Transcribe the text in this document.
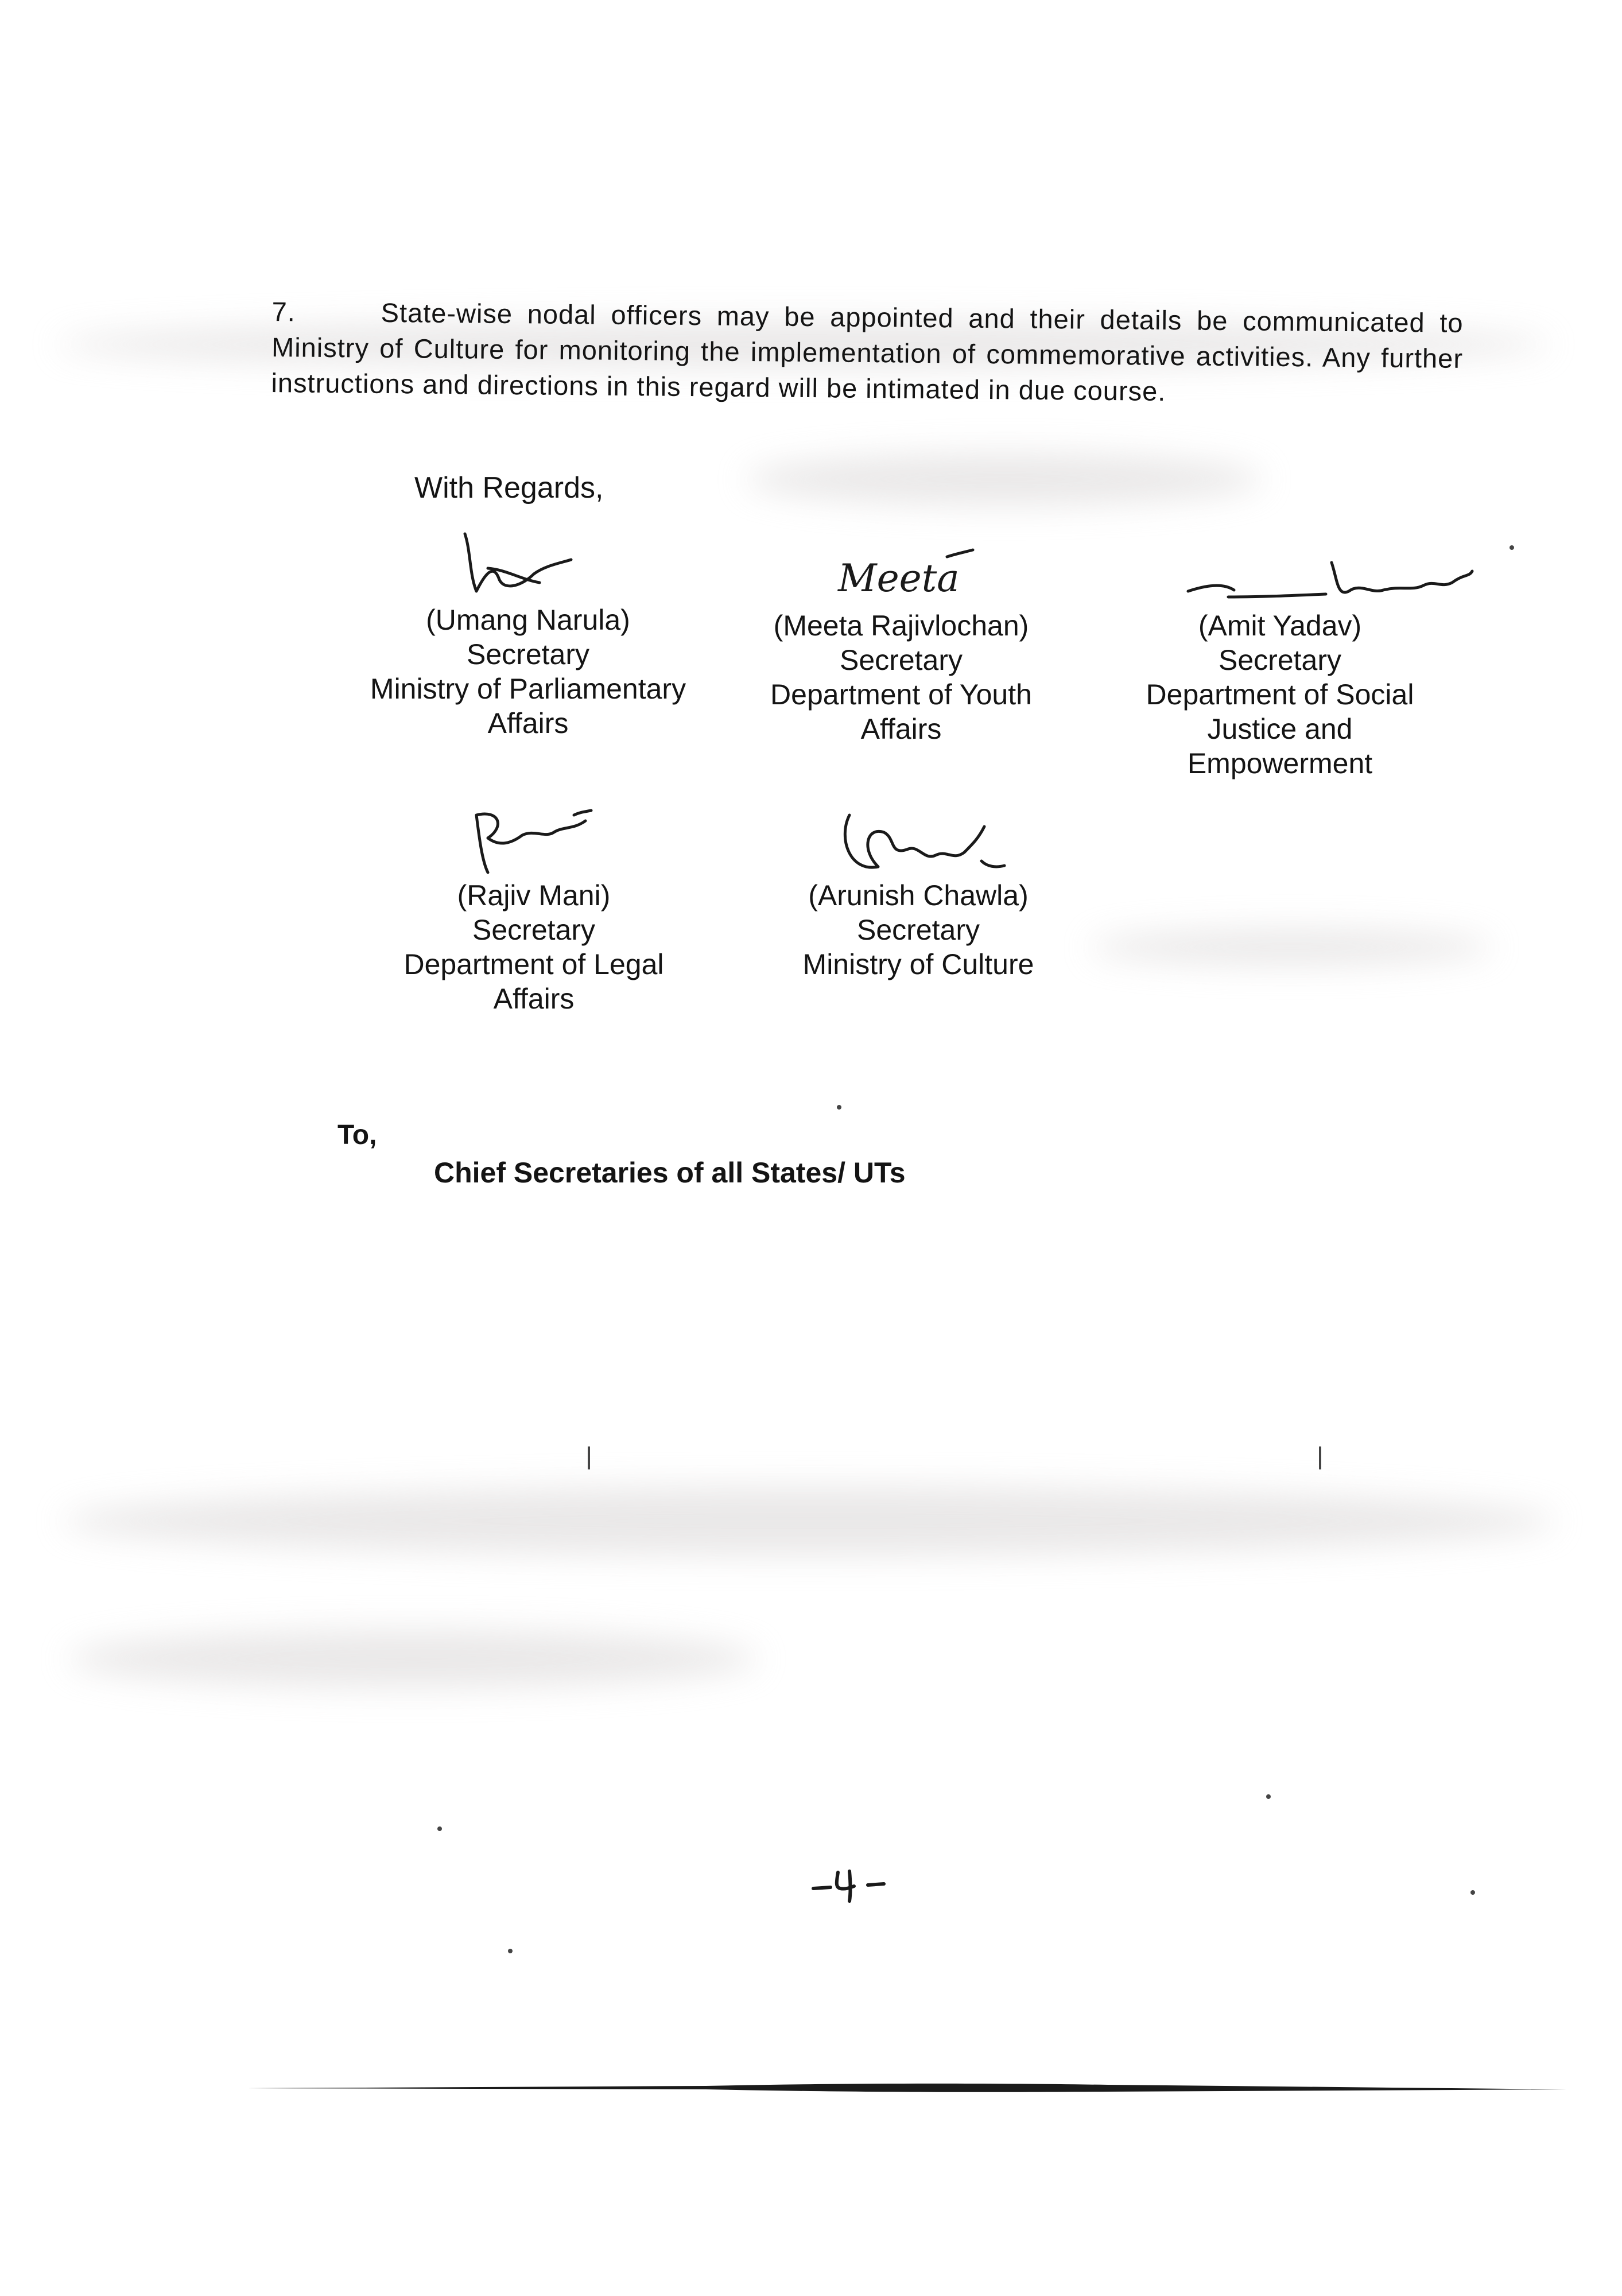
7.	State-wise nodal officers may be appointed and their details be communicated to Ministry of Culture for monitoring the implementation of commemorative activities. Any further instructions and directions in this regard will be intimated in due course.
With Regards,
Meeta
(Umang Narula)
Secretary
Ministry of Parliamentary Affairs
(Meeta Rajivlochan)
Secretary
Department of Youth Affairs
(Amit Yadav)
Secretary
Department of Social Justice and Empowerment
(Rajiv Mani)
Secretary
Department of Legal Affairs
(Arunish Chawla)
Secretary
Ministry of Culture
To,
Chief Secretaries of all States/ UTs
